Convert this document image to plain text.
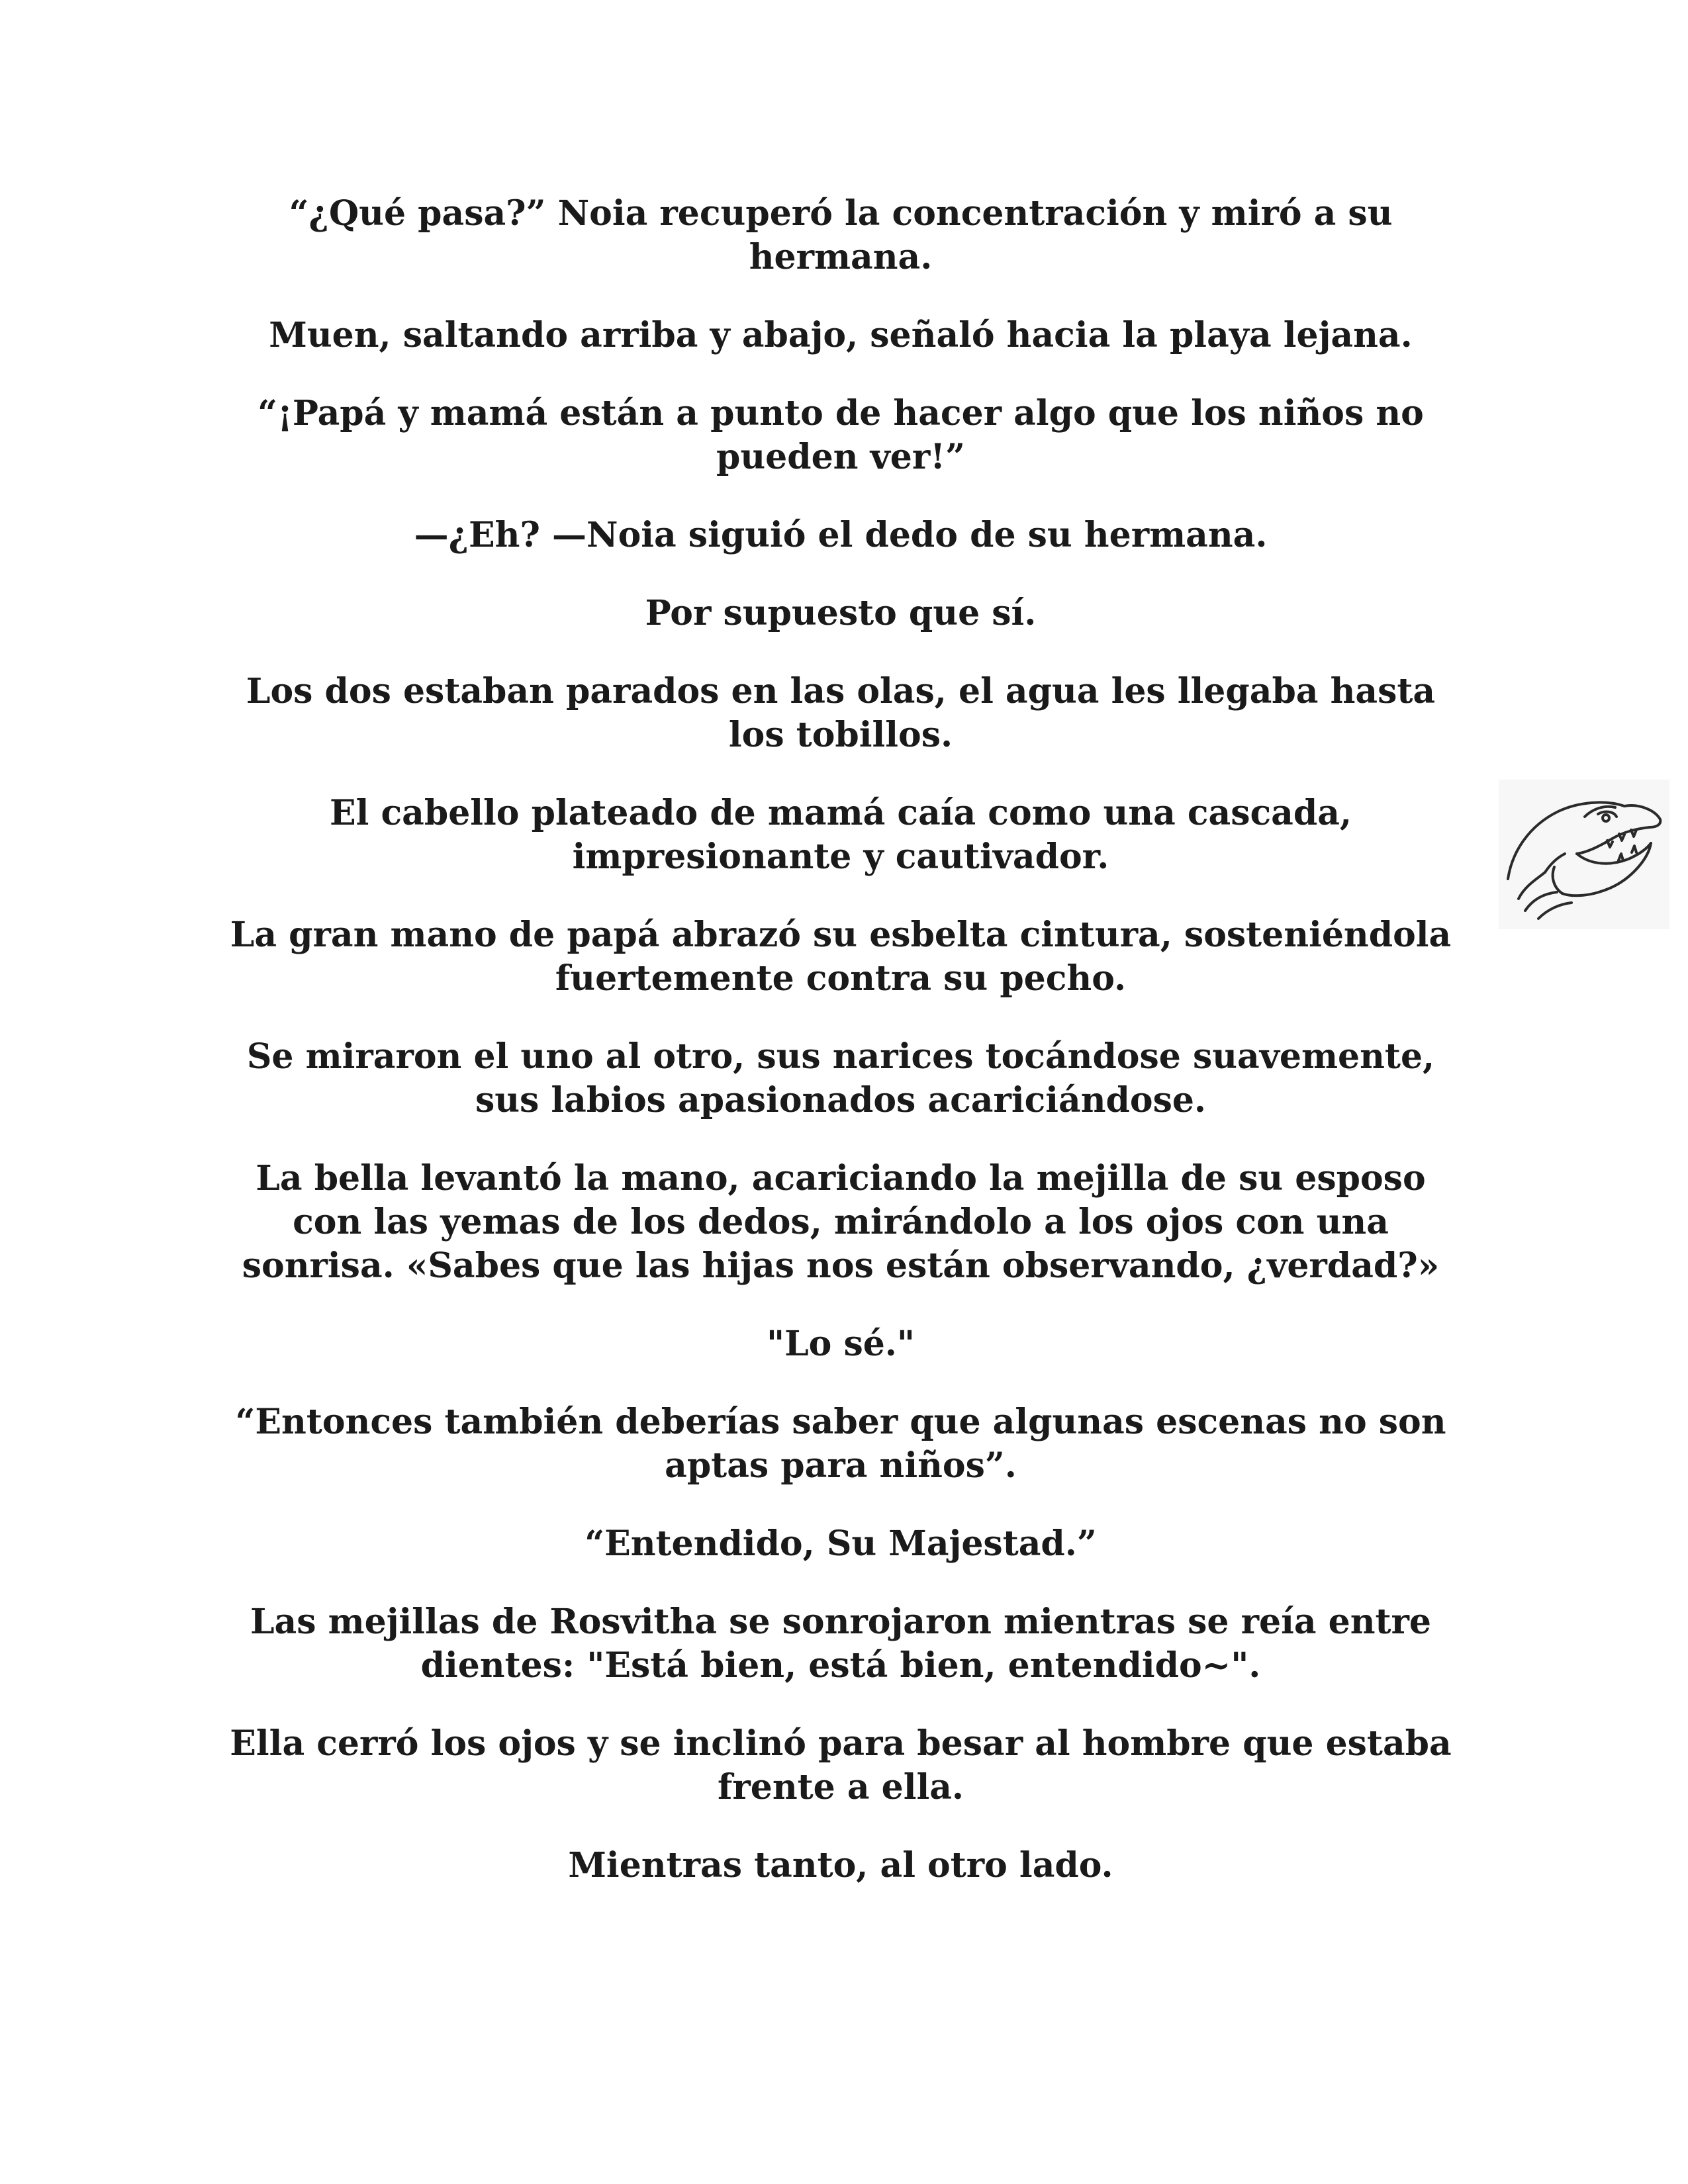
“¿Qué pasa?” Noia recuperó la concentración y miró a su hermana.

Muen, saltando arriba y abajo, señaló hacia la playa lejana.

“¡Papá y mamá están a punto de hacer algo que los niños no pueden ver!”

—¿Eh? —Noia siguió el dedo de su hermana.

Por supuesto que sí.

Los dos estaban parados en las olas, el agua les llegaba hasta los tobillos.

El cabello plateado de mamá caía como una cascada, impresionante y cautivador.

La gran mano de papá abrazó su esbelta cintura, sosteniéndola fuertemente contra su pecho.

Se miraron el uno al otro, sus narices tocándose suavemente, sus labios apasionados acariciándose.

La bella levantó la mano, acariciando la mejilla de su esposo con las yemas de los dedos, mirándolo a los ojos con una sonrisa. «Sabes que las hijas nos están observando, ¿verdad?»

"Lo sé."

“Entonces también deberías saber que algunas escenas no son aptas para niños”.

“Entendido, Su Majestad.”

Las mejillas de Rosvitha se sonrojaron mientras se reía entre dientes: "Está bien, está bien, entendido~".

Ella cerró los ojos y se inclinó para besar al hombre que estaba frente a ella.

Mientras tanto, al otro lado.
